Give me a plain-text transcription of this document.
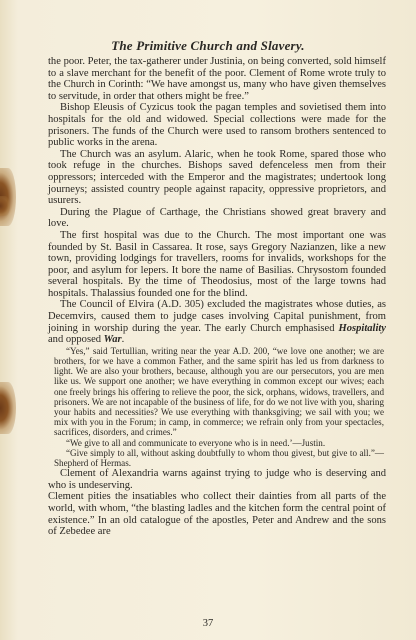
The Primitive Church and Slavery.

the poor. Peter, the tax-gatherer under Justinia, on being converted, sold himself to a slave merchant for the benefit of the poor. Clement of Rome wrote truly to the Church in Corinth: “We have amongst us, many who have given themselves to servitude, in order that others might be free.”

Bishop Eleusis of Cyzicus took the pagan temples and sovietised them into hospitals for the old and widowed. Special collections were made for the prisoners. The funds of the Church were used to ransom brothers sentenced to public works in the arena.

The Church was an asylum. Alaric, when he took Rome, spared those who took refuge in the churches. Bishops saved defenceless men from their oppressors; interceded with the Emperor and the magistrates; undertook long journeys; assisted country people against rapacity, oppressive proprietors, and usurers.

During the Plague of Carthage, the Christians showed great bravery and love.

The first hospital was due to the Church. The most important one was founded by St. Basil in Cassarea. It rose, says Gregory Nazianzen, like a new town, providing lodgings for travellers, rooms for invalids, workshops for the poor, and asylum for lepers. It bore the name of Basilias. Chrysostom founded several hospitals. By the time of Theodosius, most of the large towns had hospitals. Thalassius founded one for the blind.

The Council of Elvira (A.D. 305) excluded the magistrates whose duties, as Decemvirs, caused them to judge cases involving Capital punishment, from joining in worship during the year. The early Church emphasised Hospitality and opposed War.

“Yes,” said Tertullian, writing near the year A.D. 200, “we love one another; we are brothers, for we have a common Father, and the same spirit has led us from darkness to light. We are also your brothers, because, although you are our persecutors, you are men like us. We support one another; we have everything in common except our wives; each one freely brings his offering to relieve the poor, the sick, orphans, widows, travellers, and prisoners. We are not incapable of the business of life, for do we not live with you, sharing your habits and necessities? We use everything with thanksgiving; we sail with you; we mix with you in the Forum; in camp, in commerce; we refrain only from your spectacles, sacrifices, disorders, and crimes.”

“We give to all and communicate to everyone who is in need.’—Justin.

“Give simply to all, without asking doubtfully to whom thou givest, but give to all.”—Shepherd of Hermas.

Clement of Alexandria warns against trying to judge who is deserving and who is undeserving.

Clement pities the insatiables who collect their dainties from all parts of the world, with whom, “the blasting ladles and the kitchen form the central point of existence.” In an old catalogue of the apostles, Peter and Andrew and the sons of Zebedee are

37
